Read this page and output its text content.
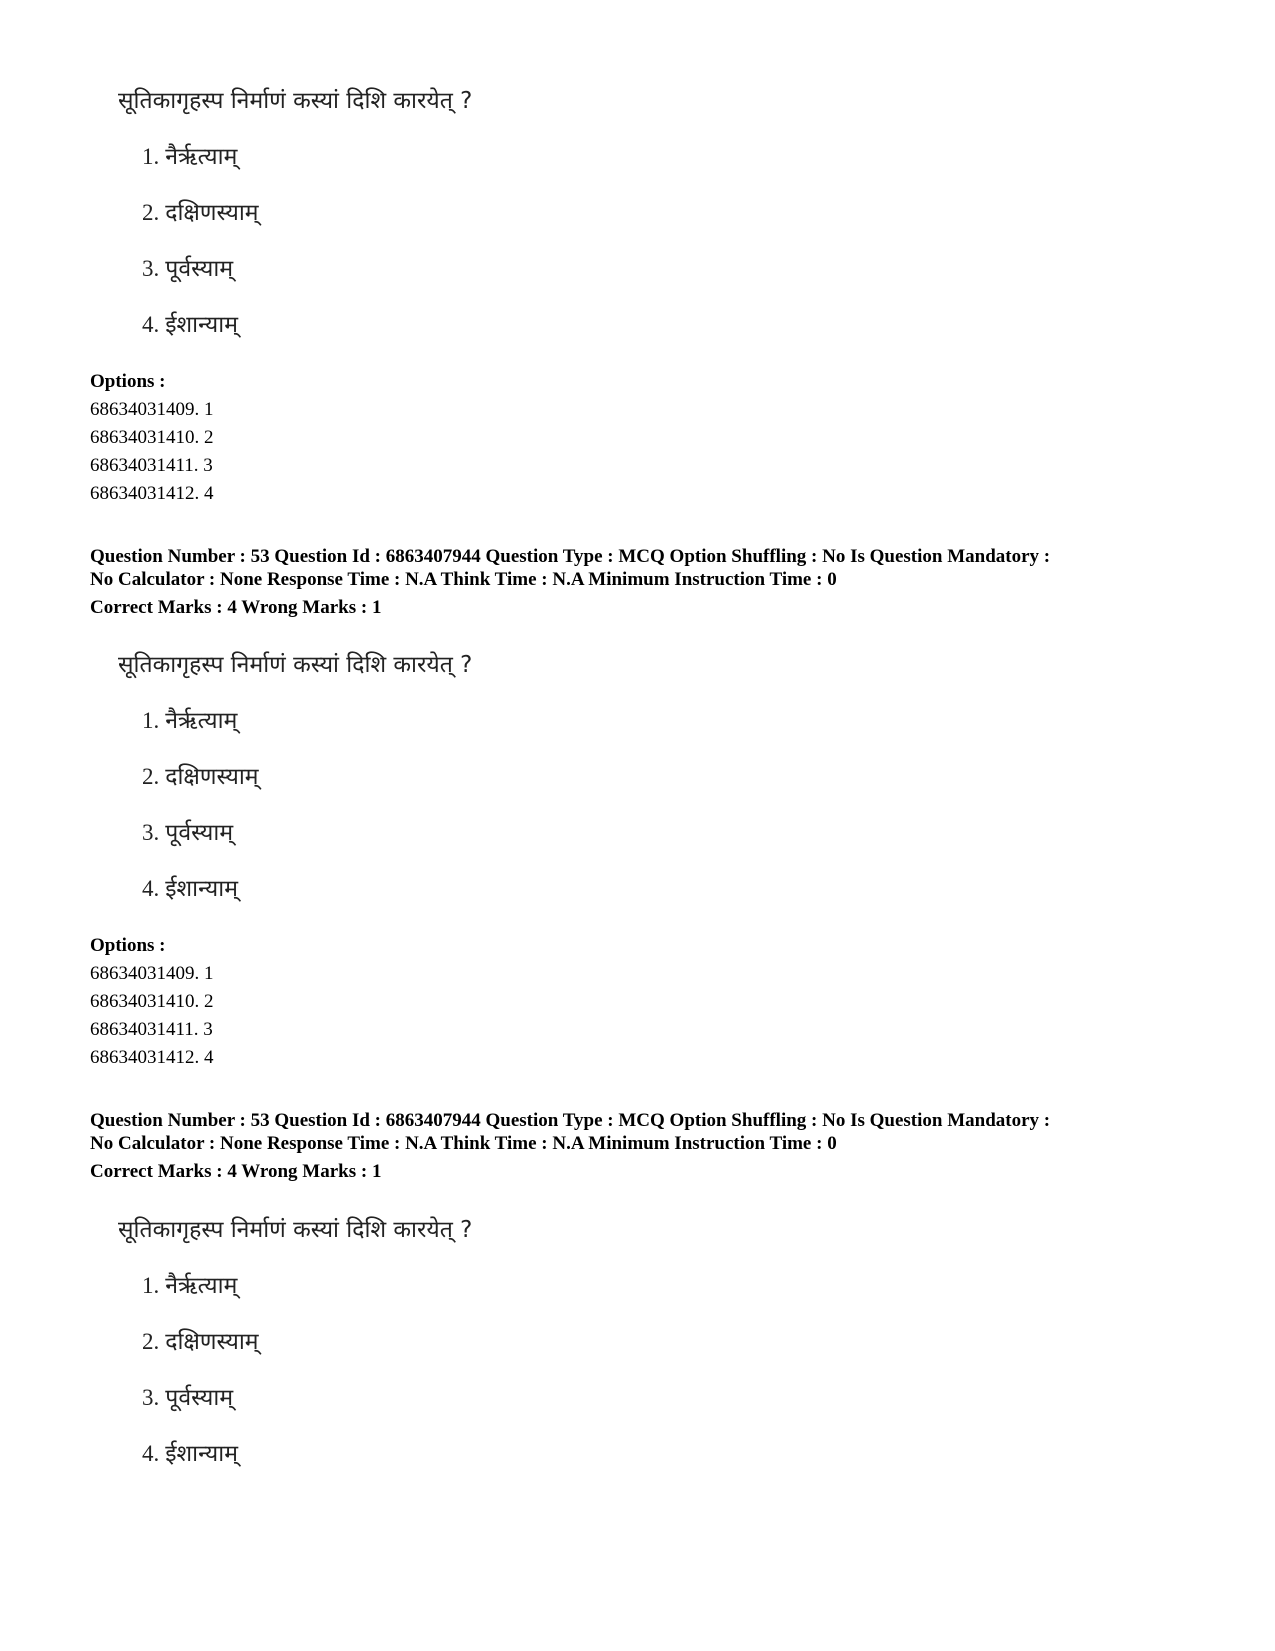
सूतिकागृहस्प निर्माणं कस्यां दिशि कारयेत् ?
1. नैर्ऋत्याम्
2. दक्षिणस्याम्
3. पूर्वस्याम्
4. ईशान्याम्
Options :
68634031409. 1
68634031410. 2
68634031411. 3
68634031412. 4
Question Number : 53 Question Id : 6863407944 Question Type : MCQ Option Shuffling : No Is Question Mandatory :
No Calculator : None Response Time : N.A Think Time : N.A Minimum Instruction Time : 0
Correct Marks : 4 Wrong Marks : 1
सूतिकागृहस्प निर्माणं कस्यां दिशि कारयेत् ?
1. नैर्ऋत्याम्
2. दक्षिणस्याम्
3. पूर्वस्याम्
4. ईशान्याम्
Options :
68634031409. 1
68634031410. 2
68634031411. 3
68634031412. 4
Question Number : 53 Question Id : 6863407944 Question Type : MCQ Option Shuffling : No Is Question Mandatory :
No Calculator : None Response Time : N.A Think Time : N.A Minimum Instruction Time : 0
Correct Marks : 4 Wrong Marks : 1
सूतिकागृहस्प निर्माणं कस्यां दिशि कारयेत् ?
1. नैर्ऋत्याम्
2. दक्षिणस्याम्
3. पूर्वस्याम्
4. ईशान्याम्
